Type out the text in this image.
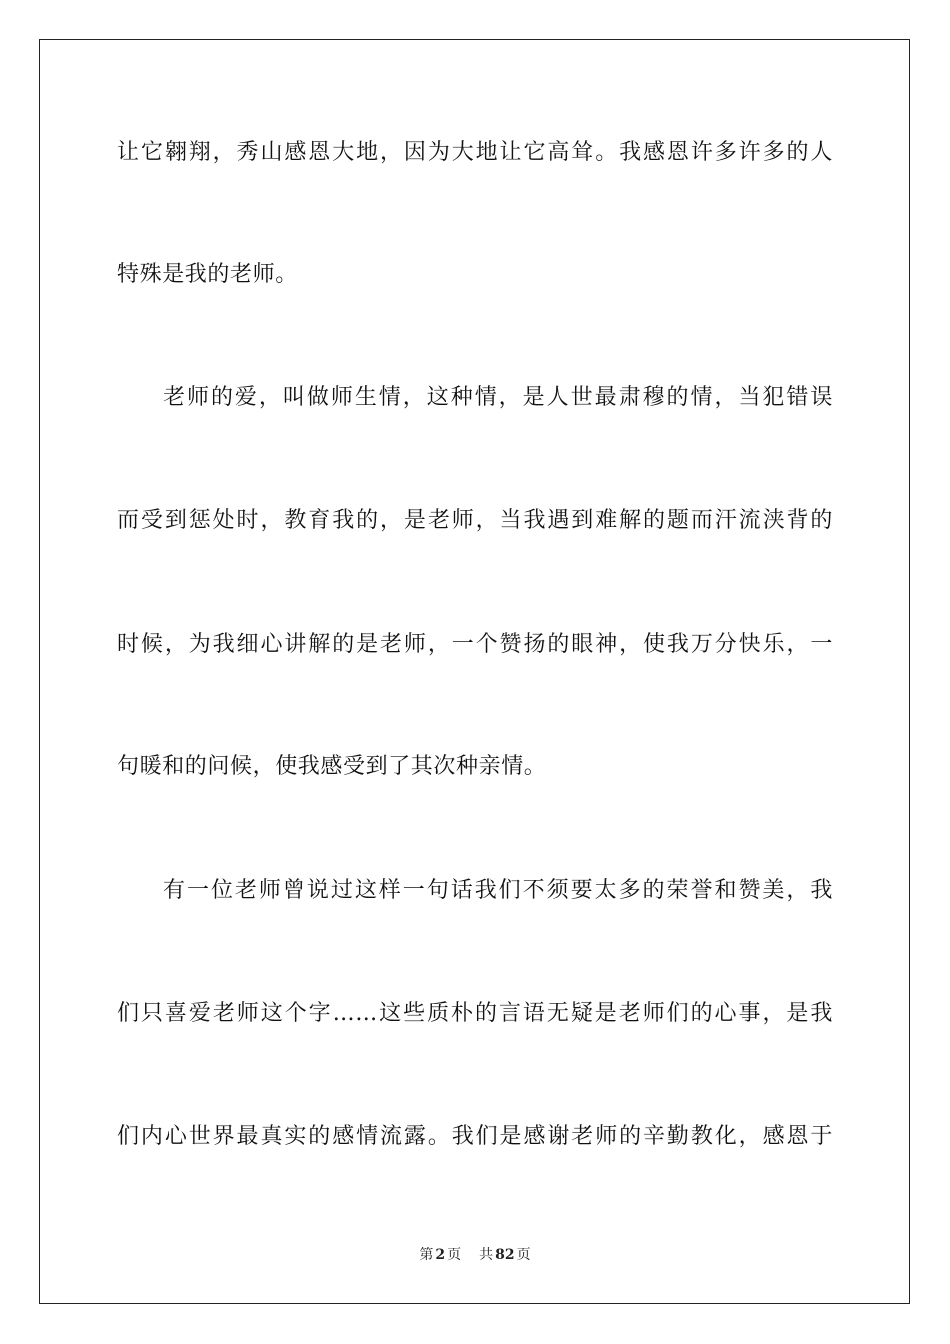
让它翱翔，秀山感恩大地，因为大地让它高耸。我感恩许多许多的人
特殊是我的老师。
老师的爱，叫做师生情，这种情，是人世最肃穆的情，当犯错误
而受到惩处时，教育我的，是老师，当我遇到难解的题而汗流浃背的
时候，为我细心讲解的是老师，一个赞扬的眼神，使我万分快乐，一
句暖和的问候，使我感受到了其次种亲情。
有一位老师曾说过这样一句话我们不须要太多的荣誉和赞美，我
们只喜爱老师这个字……这些质朴的言语无疑是老师们的心事，是我
们内心世界最真实的感情流露。我们是感谢老师的辛勤教化，感恩于
第 2 页 共 82 页
